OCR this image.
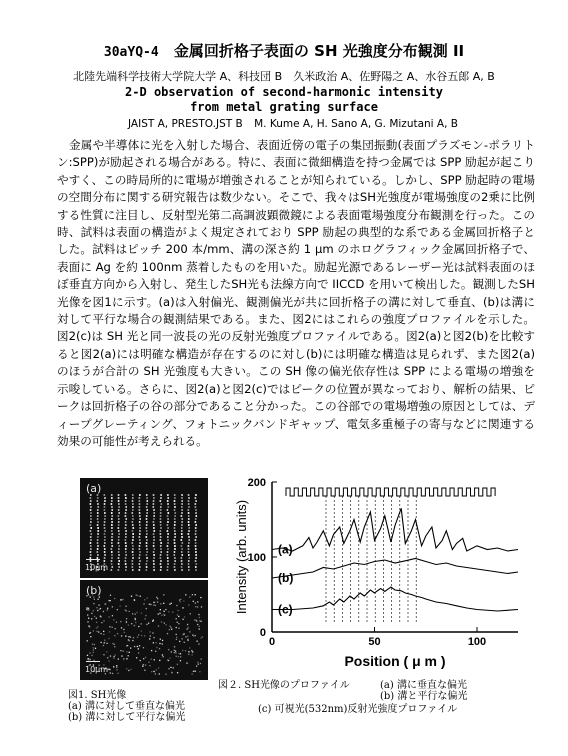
30aYQ-4 金属回折格子表面の SH 光強度分布観測 II
北陸先端科学技術大学院大学 A、科技団 B　久米政治 A、佐野陽之 A、水谷五郎 A, B
2-D observation of second-harmonic intensity
from metal grating surface
JAIST A, PRESTO.JST B M. Kume A, H. Sano A, G. Mizutani A, B
金属や半導体に光を入射した場合、表面近傍の電子の集団振動(表面プラズモン-ポラリトン:SPP)が励起される場合がある。特に、表面に微細構造を持つ金属では SPP 励起が起こりやすく、この時局所的に電場が増強されることが知られている。しかし、SPP 励起時の電場の空間分布に関する研究報告は数少ない。そこで、我々はSH光強度が電場強度の2乗に比例する性質に注目し、反射型光第二高調波顕微鏡による表面電場強度分布観測を行った。この時、試料は表面の構造がよく規定されており SPP 励起の典型的な系である金属回折格子とした。試料はピッチ 200 本/mm、溝の深さ約 1 μm のホログラフィック金属回折格子で、表面に Ag を約 100nm 蒸着したものを用いた。励起光源であるレーザー光は試料表面のほぼ垂直方向から入射し、発生したSH光も法線方向で IICCD を用いて検出した。観測したSH光像を図1に示す。(a)は入射偏光、観測偏光が共に回折格子の溝に対して垂直、(b)は溝に対して平行な場合の観測結果である。また、図2にはこれらの強度プロファイルを示した。図2(c)は SH 光と同一波長の光の反射光強度プロファイルである。図2(a)と図2(b)を比較すると図2(a)には明確な構造が存在するのに対し(b)には明確な構造は見られず、また図2(a)のほうが合計の SH 光強度も大きい。この SH 像の偏光依存性は SPP による電場の増強を示唆している。さらに、図2(a)と図2(c)ではピークの位置が異なっており、解析の結果、ピークは回折格子の谷の部分であること分かった。この谷部での電場増強の原因としては、ディープグレーティング、フォトニックバンドギャップ、電気多重極子の寄与などに関連する効果の可能性が考えられる。
(a)
10μm
(b)
10μm
図1. SH光像
(a) 溝に対して垂直な偏光
(b) 溝に対して平行な偏光
0
100
200
0	50	100
Position ( μ m )
Intensity (arb. units) (a)
(b)
(c)
図２. SH光像のプロファイル	(a) 溝に垂直な偏光
(b) 溝と平行な偏光
(c) 可視光(532nm)反射光強度プロファイル
